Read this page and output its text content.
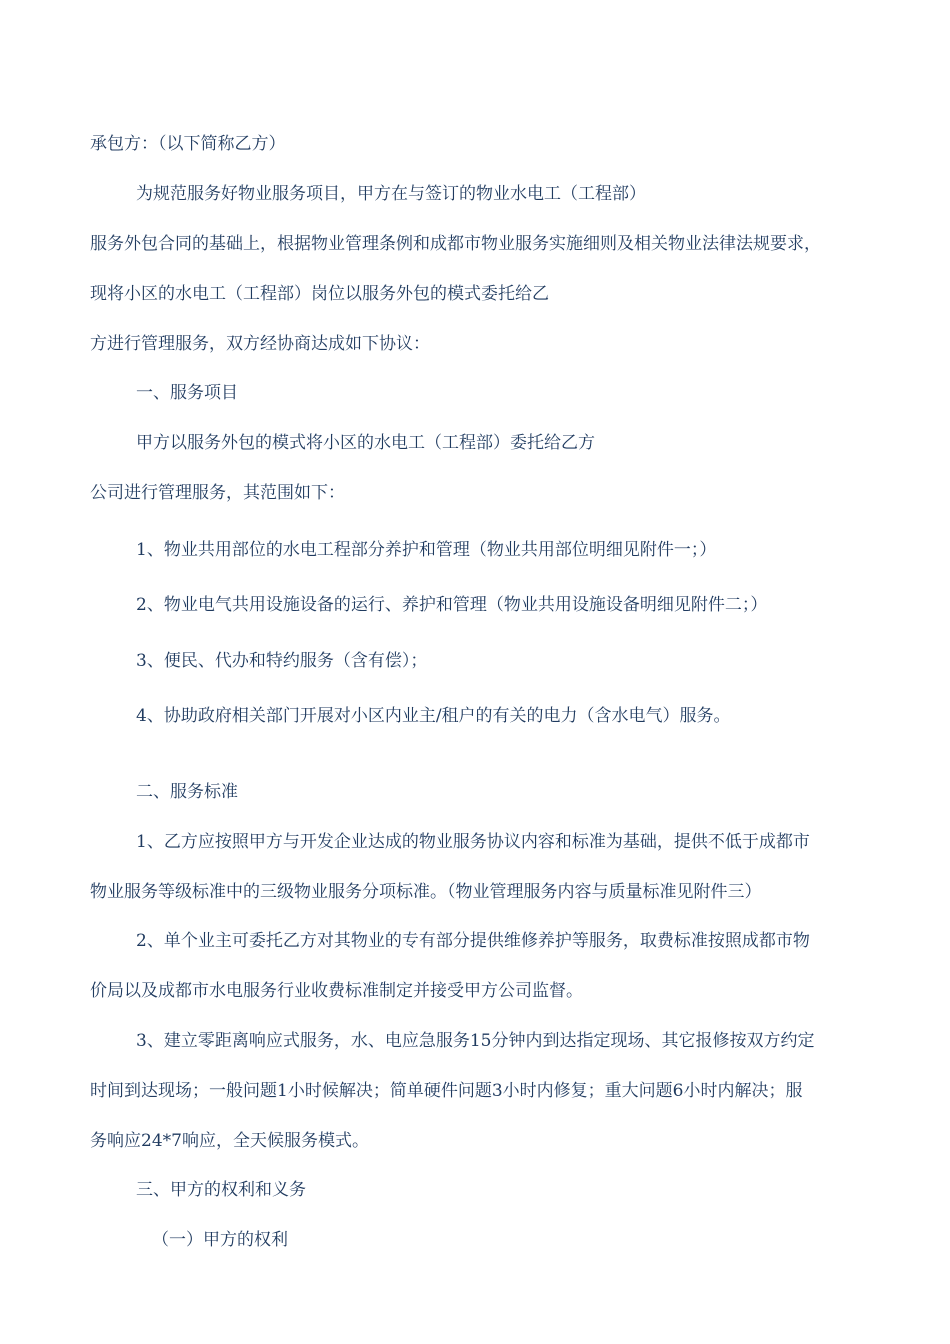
承包方：（以下简称乙方）
为规范服务好物业服务项目，甲方在与签订的物业水电工（工程部）
服务外包合同的基础上，根据物业管理条例和成都市物业服务实施细则及相关物业法律法规要求，
现将小区的水电工（工程部）岗位以服务外包的模式委托给乙
方进行管理服务，双方经协商达成如下协议：
一、服务项目
甲方以服务外包的模式将小区的水电工（工程部）委托给乙方
公司进行管理服务，其范围如下：
1、物业共用部位的水电工程部分养护和管理（物业共用部位明细见附件一；）
2、物业电气共用设施设备的运行、养护和管理（物业共用设施设备明细见附件二；）
3、便民、代办和特约服务（含有偿）；
4、协助政府相关部门开展对小区内业主/租户的有关的电力（含水电气）服务。
二、服务标准
1、乙方应按照甲方与开发企业达成的物业服务协议内容和标准为基础，提供不低于成都市
物业服务等级标准中的三级物业服务分项标准。（物业管理服务内容与质量标准见附件三）
2、单个业主可委托乙方对其物业的专有部分提供维修养护等服务，取费标准按照成都市物
价局以及成都市水电服务行业收费标准制定并接受甲方公司监督。
3、建立零距离响应式服务，水、电应急服务15分钟内到达指定现场、其它报修按双方约定
时间到达现场；一般问题1小时候解决；简单硬件问题3小时内修复；重大问题6小时内解决；服
务响应24*7响应，全天候服务模式。
三、甲方的权利和义务
（一）甲方的权利
